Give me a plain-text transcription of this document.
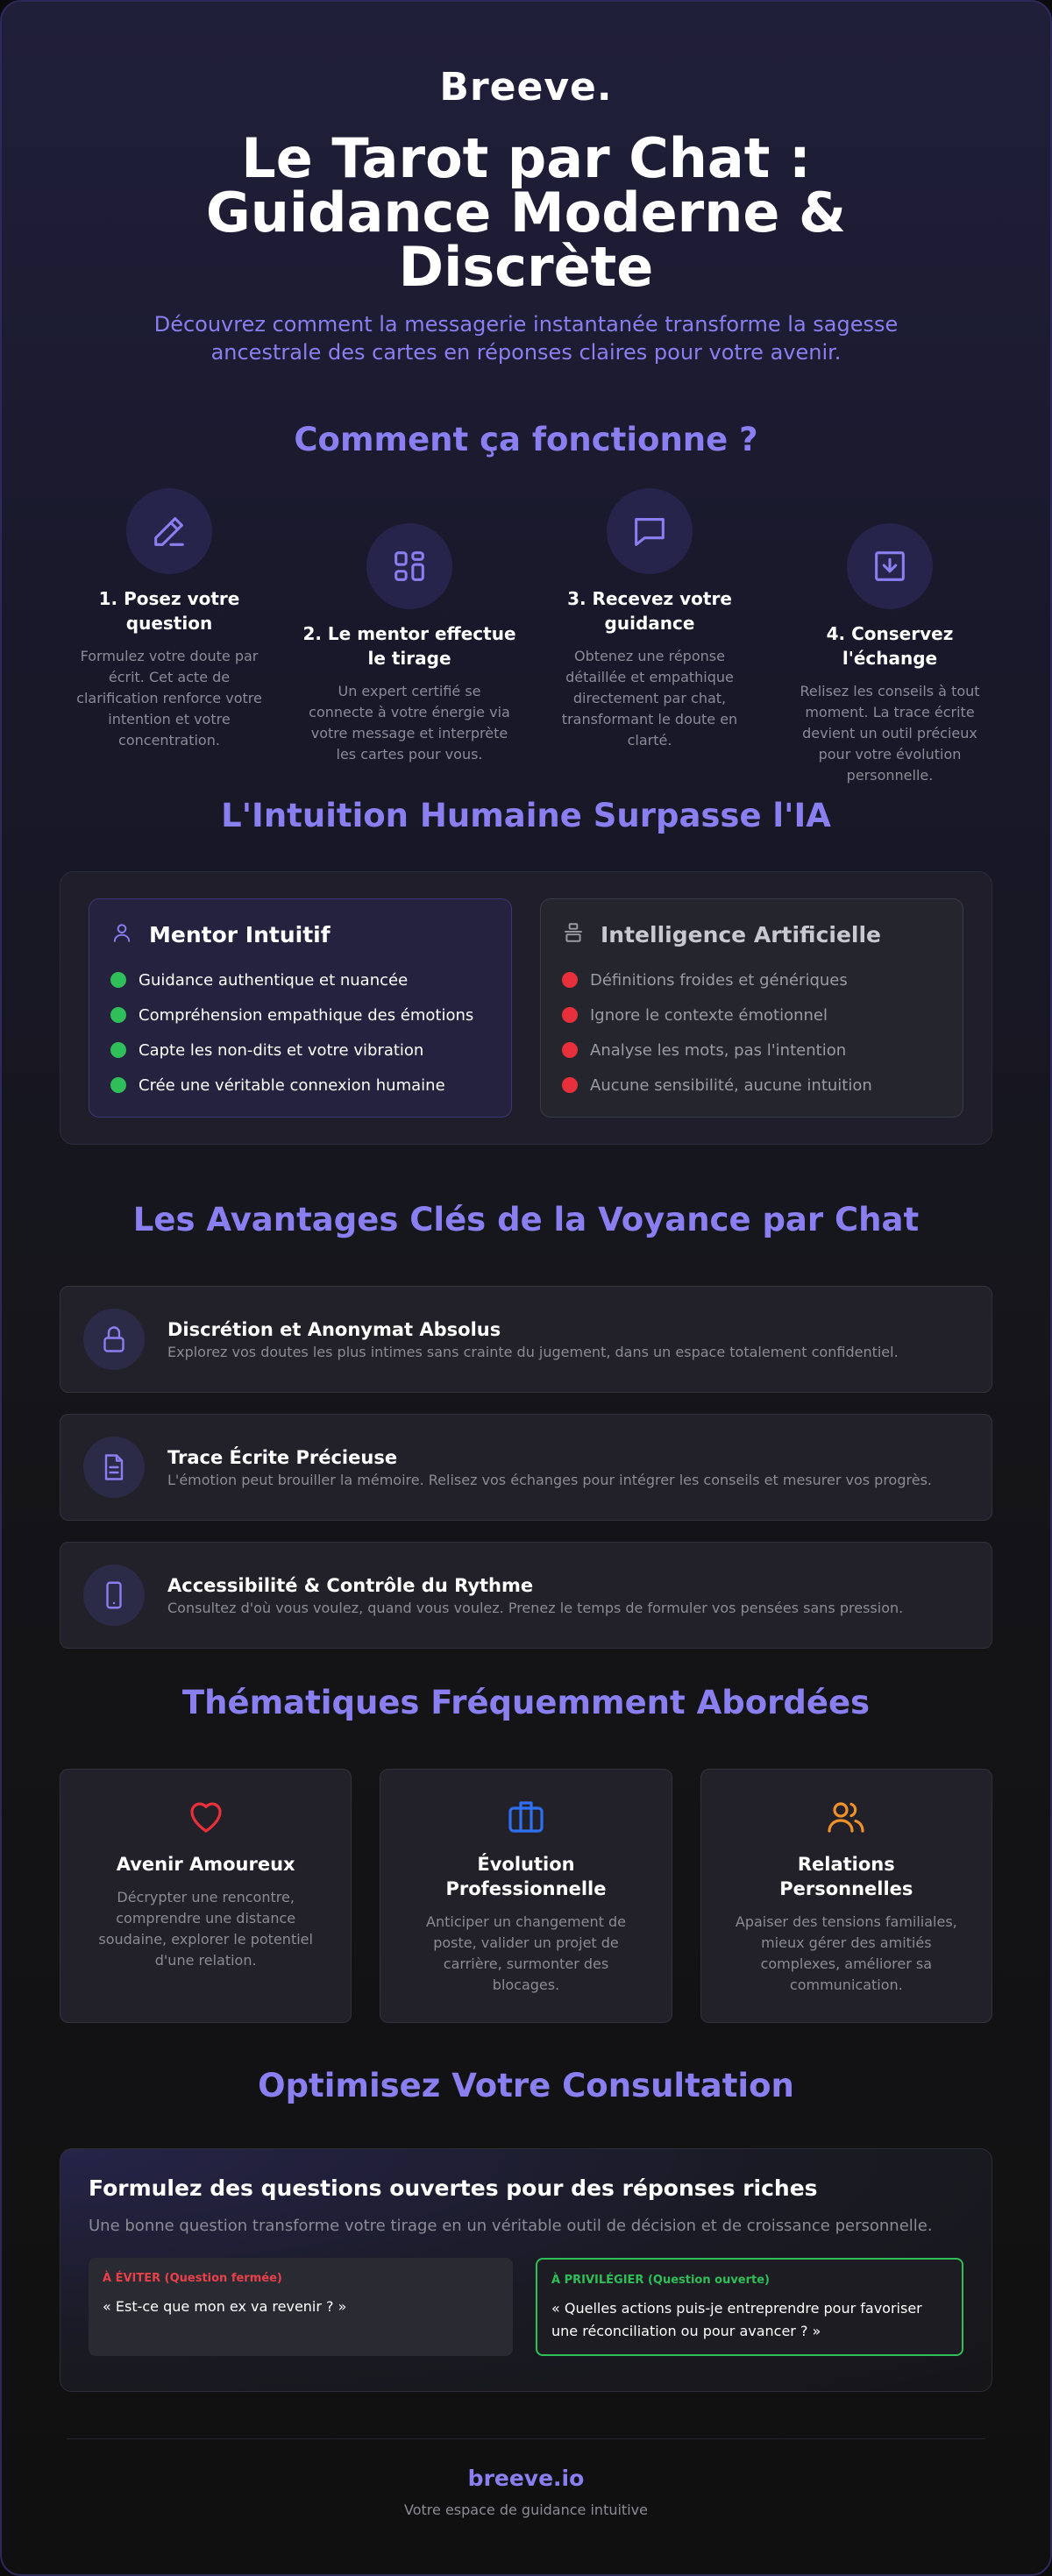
Breeve.
Le Tarot par Chat : Guidance Moderne & Discrète

Découvrez comment la messagerie instantanée transforme la sagesse ancestrale des cartes en réponses claires pour votre avenir.

Comment ça fonctionne ?
1. Posez votre question
Formulez votre doute par écrit. Cet acte de clarification renforce votre intention et votre concentration.
2. Le mentor effectue le tirage
Un expert certifié se connecte à votre énergie via votre message et interprète les cartes pour vous.
3. Recevez votre guidance
Obtenez une réponse détaillée et empathique directement par chat, transformant le doute en clarté.
4. Conservez l'échange
Relisez les conseils à tout moment. La trace écrite devient un outil précieux pour votre évolution personnelle.
L'Intuition Humaine Surpasse l'IA
Mentor Intuitif
Guidance authentique et nuancée
Compréhension empathique des émotions
Capte les non-dits et votre vibration
Crée une véritable connexion humaine
Intelligence Artificielle
Définitions froides et génériques
Ignore le contexte émotionnel
Analyse les mots, pas l'intention
Aucune sensibilité, aucune intuition
Les Avantages Clés de la Voyance par Chat
Discrétion et Anonymat Absolus
Explorez vos doutes les plus intimes sans crainte du jugement, dans un espace totalement confidentiel.
Trace Écrite Précieuse
L'émotion peut brouiller la mémoire. Relisez vos échanges pour intégrer les conseils et mesurer vos progrès.
Accessibilité & Contrôle du Rythme
Consultez d'où vous voulez, quand vous voulez. Prenez le temps de formuler vos pensées sans pression.
Thématiques Fréquemment Abordées
Avenir Amoureux
Décrypter une rencontre, comprendre une distance soudaine, explorer le potentiel d'une relation.
Évolution Professionnelle
Anticiper un changement de poste, valider un projet de carrière, surmonter des blocages.
Relations Personnelles
Apaiser des tensions familiales, mieux gérer des amitiés complexes, améliorer sa communication.
Optimisez Votre Consultation
Formulez des questions ouvertes pour des réponses riches
Une bonne question transforme votre tirage en un véritable outil de décision et de croissance personnelle.
À ÉVITER (Question fermée)
« Est-ce que mon ex va revenir ? »
À PRIVILÉGIER (Question ouverte)
« Quelles actions puis-je entreprendre pour favoriser une réconciliation ou pour avancer ? »
breeve.io
Votre espace de guidance intuitive
